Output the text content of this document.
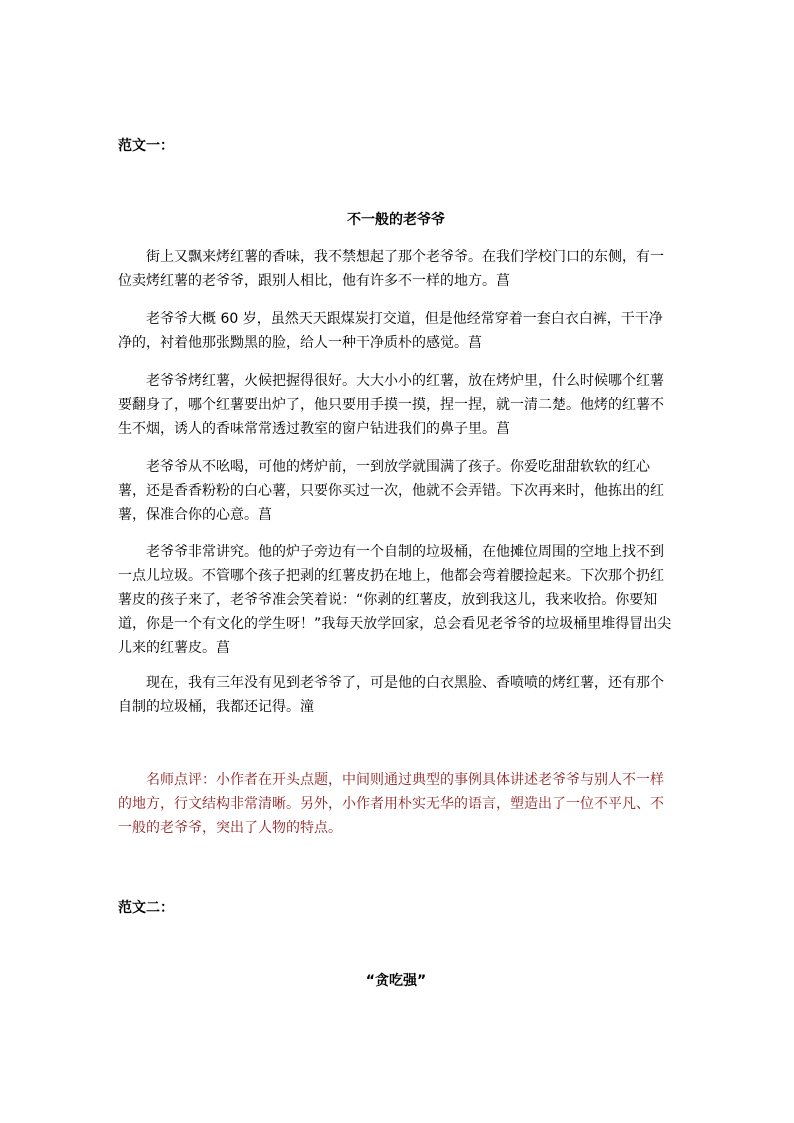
范文一：
不一般的老爷爷

街上又飘来烤红薯的香味，我不禁想起了那个老爷爷。在我们学校门口的东侧，有一位卖烤红薯的老爷爷，跟别人相比，他有许多不一样的地方。菖

老爷爷大概 60 岁，虽然天天跟煤炭打交道，但是他经常穿着一套白衣白裤，干干净净的，衬着他那张黝黑的脸，给人一种干净质朴的感觉。菖

老爷爷烤红薯，火候把握得很好。大大小小的红薯，放在烤炉里，什么时候哪个红薯要翻身了，哪个红薯要出炉了，他只要用手摸一摸，捏一捏，就一清二楚。他烤的红薯不生不烟，诱人的香味常常透过教室的窗户钻进我们的鼻子里。菖

老爷爷从不吆喝，可他的烤炉前，一到放学就围满了孩子。你爱吃甜甜软软的红心薯，还是香香粉粉的白心薯，只要你买过一次，他就不会弄错。下次再来时，他拣出的红薯，保准合你的心意。菖

老爷爷非常讲究。他的炉子旁边有一个自制的垃圾桶，在他摊位周围的空地上找不到一点儿垃圾。不管哪个孩子把剥的红薯皮扔在地上，他都会弯着腰捡起来。下次那个扔红薯皮的孩子来了，老爷爷准会笑着说：“你剥的红薯皮，放到我这儿，我来收拾。你要知道，你是一个有文化的学生呀！”我每天放学回家，总会看见老爷爷的垃圾桶里堆得冒出尖儿来的红薯皮。菖

现在，我有三年没有见到老爷爷了，可是他的白衣黑脸、香喷喷的烤红薯，还有那个自制的垃圾桶，我都还记得。潼

名师点评：小作者在开头点题，中间则通过典型的事例具体讲述老爷爷与别人不一样的地方，行文结构非常清晰。另外，小作者用朴实无华的语言，塑造出了一位不平凡、不一般的老爷爷，突出了人物的特点。

范文二：
“贪吃强”
